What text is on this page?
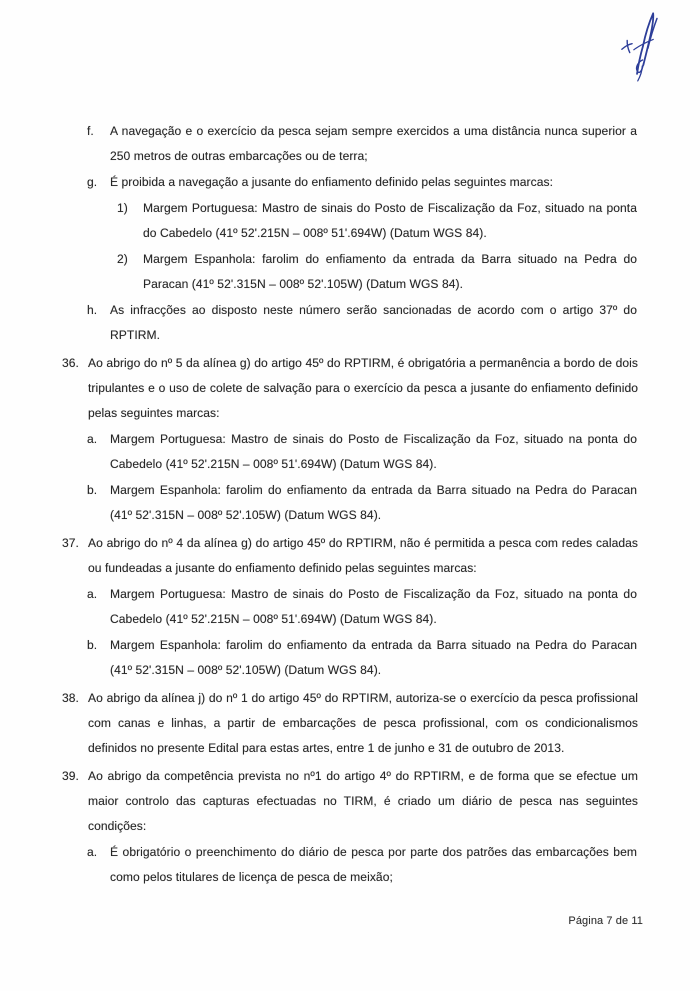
f. A navegação e o exercício da pesca sejam sempre exercidos a uma distância nunca superior a 250 metros de outras embarcações ou de terra;
g. É proibida a navegação a jusante do enfiamento definido pelas seguintes marcas:
1) Margem Portuguesa: Mastro de sinais do Posto de Fiscalização da Foz, situado na ponta do Cabedelo (41º 52'.215N – 008º 51'.694W) (Datum WGS 84).
2) Margem Espanhola: farolim do enfiamento da entrada da Barra situado na Pedra do Paracan (41º 52'.315N – 008º 52'.105W) (Datum WGS 84).
h. As infracções ao disposto neste número serão sancionadas de acordo com o artigo 37º do RPTIRM.
36. Ao abrigo do nº 5 da alínea g) do artigo 45º do RPTIRM, é obrigatória a permanência a bordo de dois tripulantes e o uso de colete de salvação para o exercício da pesca a jusante do enfiamento definido pelas seguintes marcas:
a. Margem Portuguesa: Mastro de sinais do Posto de Fiscalização da Foz, situado na ponta do Cabedelo (41º 52'.215N – 008º 51'.694W) (Datum WGS 84).
b. Margem Espanhola: farolim do enfiamento da entrada da Barra situado na Pedra do Paracan (41º 52'.315N – 008º 52'.105W) (Datum WGS 84).
37. Ao abrigo do nº 4 da alínea g) do artigo 45º do RPTIRM, não é permitida a pesca com redes caladas ou fundeadas a jusante do enfiamento definido pelas seguintes marcas:
a. Margem Portuguesa: Mastro de sinais do Posto de Fiscalização da Foz, situado na ponta do Cabedelo (41º 52'.215N – 008º 51'.694W) (Datum WGS 84).
b. Margem Espanhola: farolim do enfiamento da entrada da Barra situado na Pedra do Paracan (41º 52'.315N – 008º 52'.105W) (Datum WGS 84).
38. Ao abrigo da alínea j) do nº 1 do artigo 45º do RPTIRM, autoriza-se o exercício da pesca profissional com canas e linhas, a partir de embarcações de pesca profissional, com os condicionalismos definidos no presente Edital para estas artes, entre 1 de junho e 31 de outubro de 2013.
39. Ao abrigo da competência prevista no nº1 do artigo 4º do RPTIRM, e de forma que se efectue um maior controlo das capturas efectuadas no TIRM, é criado um diário de pesca nas seguintes condições:
a. É obrigatório o preenchimento do diário de pesca por parte dos patrões das embarcações bem como pelos titulares de licença de pesca de meixão;
Página 7 de 11
